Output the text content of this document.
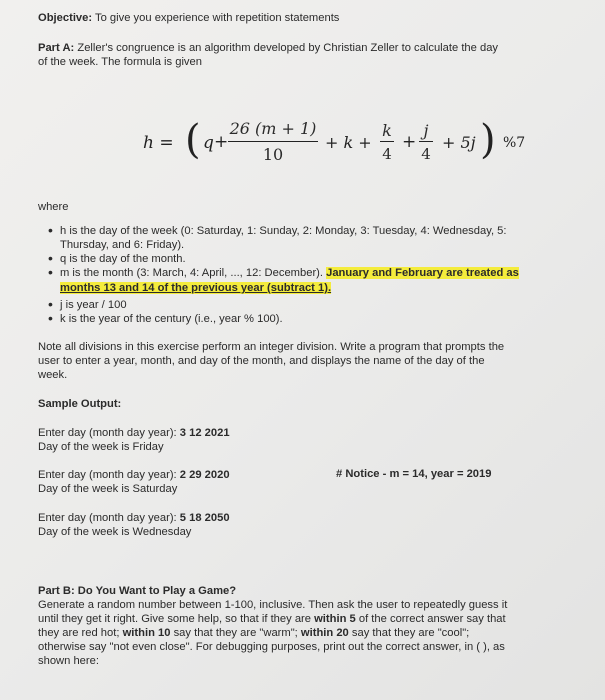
Objective: To give you experience with repetition statements
Part A: Zeller's congruence is an algorithm developed by Christian Zeller to calculate the day
of the week. The formula is given
h = ( q +
26 (m + 1)
10
+ k +
k
4
+
j
4
+ 5j ) %7
where
• h is the day of the week (0: Saturday, 1: Sunday, 2: Monday, 3: Tuesday, 4: Wednesday, 5:
Thursday, and 6: Friday).
• q is the day of the month.
• m is the month (3: March, 4: April, ..., 12: December). January and February are treated as
months 13 and 14 of the previous year (subtract 1).
• j is year / 100
• k is the year of the century (i.e., year % 100).
Note all divisions in this exercise perform an integer division. Write a program that prompts the
user to enter a year, month, and day of the month, and displays the name of the day of the
week.
Sample Output:
Enter day (month day year): 3 12 2021
Day of the week is Friday
Enter day (month day year): 2 29 2020
Day of the week is Saturday
# Notice - m = 14, year = 2019
Enter day (month day year): 5 18 2050
Day of the week is Wednesday
Part B: Do You Want to Play a Game?
Generate a random number between 1-100, inclusive. Then ask the user to repeatedly guess it
until they get it right. Give some help, so that if they are within 5 of the correct answer say that
they are red hot; within 10 say that they are "warm"; within 20 say that they are "cool";
otherwise say "not even close". For debugging purposes, print out the correct answer, in ( ), as
shown here:
